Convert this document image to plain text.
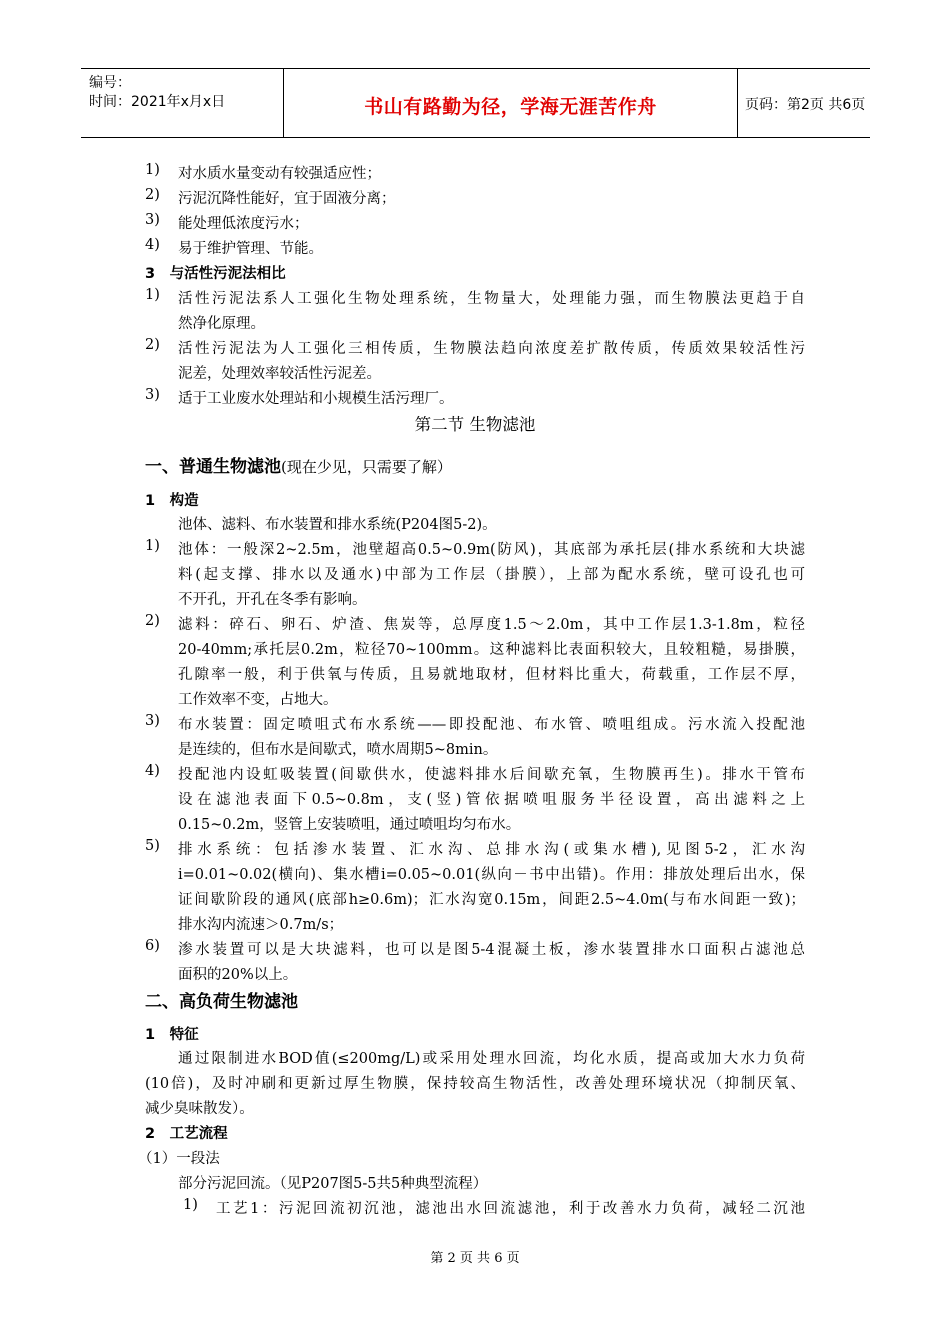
编号：
时间：2021年x月x日	书山有路勤为径，学海无涯苦作舟	页码：第2页 共6页
1) 对水质水量变动有较强适应性；
2) 污泥沉降性能好，宜于固液分离；
3) 能处理低浓度污水；
4) 易于维护管理、节能。
3　与活性污泥法相比
1) 活性污泥法系人工强化生物处理系统，生物量大，处理能力强，而生物膜法更趋于自
然净化原理。
2) 活性污泥法为人工强化三相传质，生物膜法趋向浓度差扩散传质，传质效果较活性污
泥差，处理效率较活性污泥差。
3) 适于工业废水处理站和小规模生活污理厂。
第二节 生物滤池
一、普通生物滤池(现在少见，只需要了解）
1　构造
池体、滤料、布水装置和排水系统(P204图5-2)。
1) 池体：一般深2~2.5m，池壁超高0.5~0.9m(防风)，其底部为承托层(排水系统和大块滤
料(起支撑、排水以及通水)中部为工作层（掛膜），上部为配水系统，壁可设孔也可
不开孔，开孔在冬季有影响。
2) 滤料：碎石、卵石、炉渣、焦炭等，总厚度1.5～2.0m，其中工作层1.3-1.8m，粒径
20-40mm;承托层0.2m，粒径70~100mm。这种滤料比表面积较大，且较粗糙，易掛膜，
孔隙率一般，利于供氧与传质，且易就地取材，但材料比重大，荷载重，工作层不厚，
工作效率不变，占地大。
3) 布水装置：固定喷咀式布水系统——即投配池、布水管、喷咀组成。污水流入投配池
是连续的，但布水是间歇式，喷水周期5~8min。
4) 投配池内设虹吸装置(间歇供水，使滤料排水后间歇充氧，生物膜再生)。排水干管布
设在滤池表面下0.5~0.8m，支(竖)管依据喷咀服务半径设置，高出滤料之上
0.15~0.2m，竖管上安装喷咀，通过喷咀均匀布水。
5) 排水系统：包括渗水装置、汇水沟、总排水沟(或集水槽),见图5-2，汇水沟
i=0.01~0.02(横向)、集水槽i=0.05~0.01(纵向－书中出错)。作用：排放处理后出水，保
证间歇阶段的通风(底部h≥0.6m)；汇水沟宽0.15m，间距2.5~4.0m(与布水间距一致)；
排水沟内流速＞0.7m/s；
6) 渗水装置可以是大块滤料，也可以是图5-4混凝土板，渗水装置排水口面积占滤池总
面积的20%以上。
二、高负荷生物滤池
1　特征
通过限制进水BOD值(≤200mg/L)或采用处理水回流，均化水质，提高或加大水力负荷
(10倍)，及时冲刷和更新过厚生物膜，保持较高生物活性，改善处理环境状况（抑制厌氧、
减少臭味散发）。
2　工艺流程
（1）一段法
部分污泥回流。（见P207图5-5共5种典型流程）
1) 工艺1：污泥回流初沉池，滤池出水回流滤池，利于改善水力负荷，减轻二沉池
第 2 页 共 6 页
